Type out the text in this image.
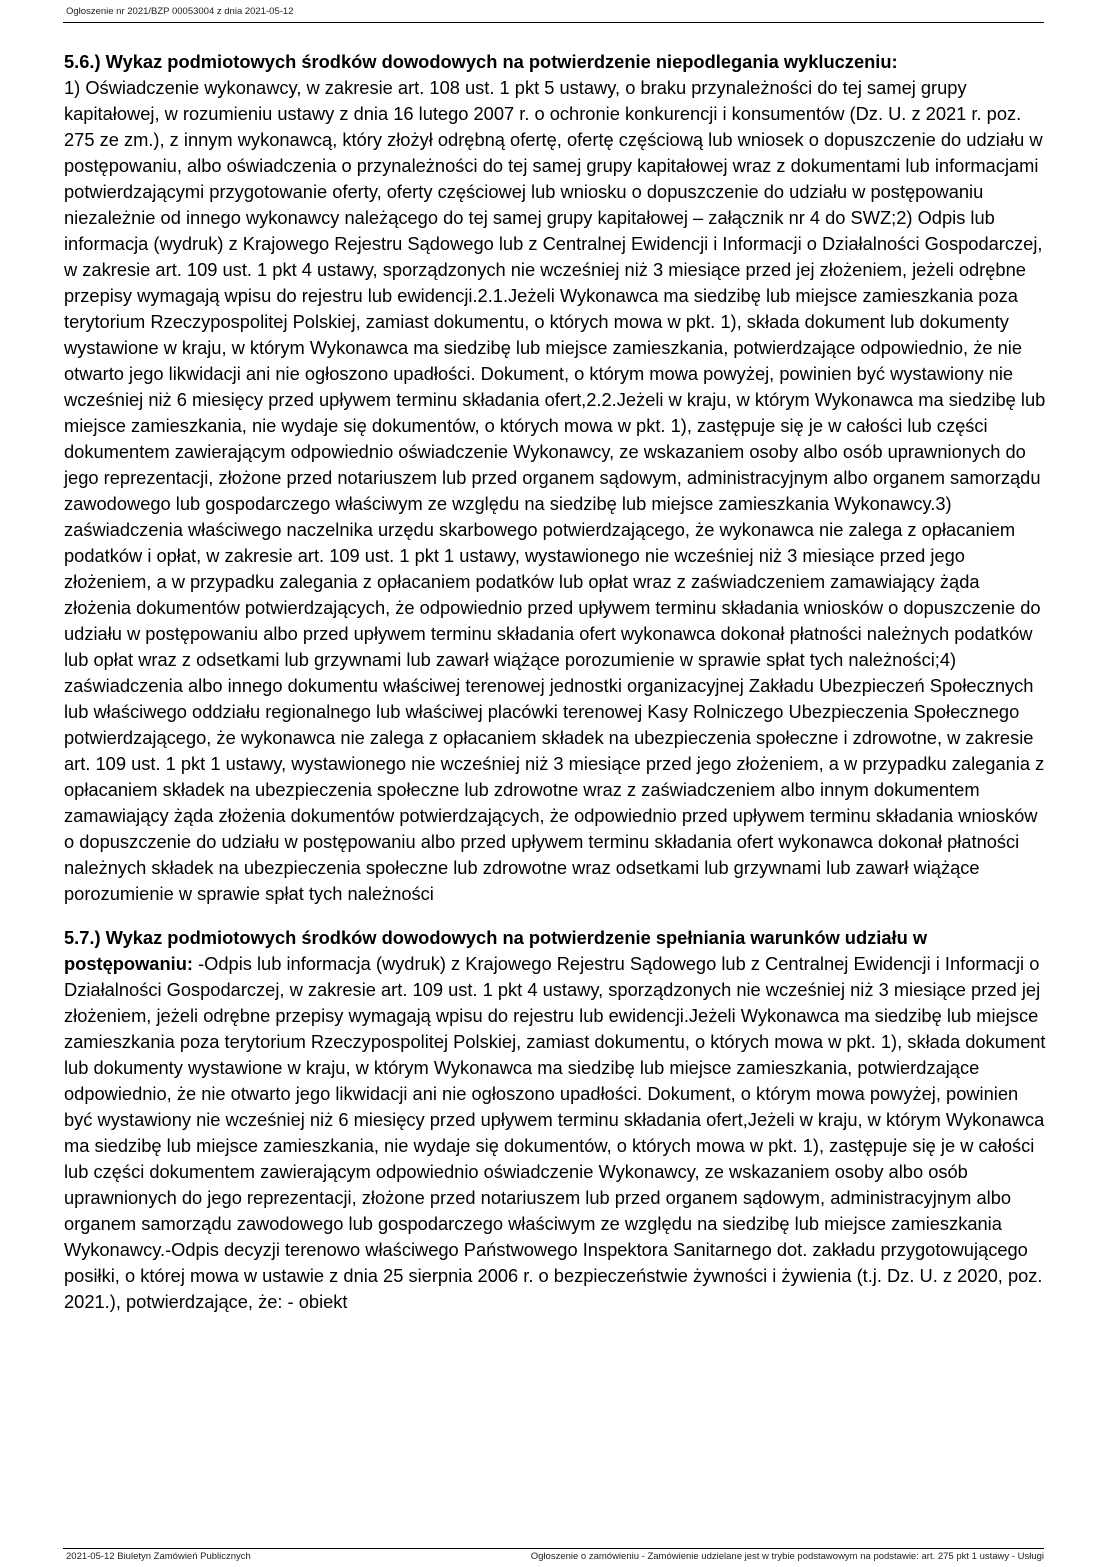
Ogłoszenie nr 2021/BZP 00053004 z dnia 2021-05-12

5.6.) Wykaz podmiotowych środków dowodowych na potwierdzenie niepodlegania wykluczeniu:
1) Oświadczenie wykonawcy, w zakresie art. 108 ust. 1 pkt 5 ustawy, o braku przynależności do tej samej grupy kapitałowej, w rozumieniu ustawy z dnia 16 lutego 2007 r. o ochronie konkurencji i konsumentów (Dz. U. z 2021 r. poz. 275 ze zm.), z innym wykonawcą, który złożył odrębną ofertę, ofertę częściową lub wniosek o dopuszczenie do udziału w postępowaniu, albo oświadczenia o przynależności do tej samej grupy kapitałowej wraz z dokumentami lub informacjami potwierdzającymi przygotowanie oferty, oferty częściowej lub wniosku o dopuszczenie do udziału w postępowaniu niezależnie od innego wykonawcy należącego do tej samej grupy kapitałowej – załącznik nr 4 do SWZ;2) Odpis lub informacja (wydruk) z Krajowego Rejestru Sądowego lub z Centralnej Ewidencji i Informacji o Działalności Gospodarczej, w zakresie art. 109 ust. 1 pkt 4 ustawy, sporządzonych nie wcześniej niż 3 miesiące przed jej złożeniem, jeżeli odrębne przepisy wymagają wpisu do rejestru lub ewidencji.2.1.Jeżeli Wykonawca ma siedzibę lub miejsce zamieszkania poza terytorium Rzeczypospolitej Polskiej, zamiast dokumentu, o których mowa w pkt. 1), składa dokument lub dokumenty wystawione w kraju, w którym Wykonawca ma siedzibę lub miejsce zamieszkania, potwierdzające odpowiednio, że nie otwarto jego likwidacji ani nie ogłoszono upadłości. Dokument, o którym mowa powyżej, powinien być wystawiony nie wcześniej niż 6 miesięcy przed upływem terminu składania ofert,2.2.Jeżeli w kraju, w którym Wykonawca ma siedzibę lub miejsce zamieszkania, nie wydaje się dokumentów, o których mowa w pkt. 1), zastępuje się je w całości lub części dokumentem zawierającym odpowiednio oświadczenie Wykonawcy, ze wskazaniem osoby albo osób uprawnionych do jego reprezentacji, złożone przed notariuszem lub przed organem sądowym, administracyjnym albo organem samorządu zawodowego lub gospodarczego właściwym ze względu na siedzibę lub miejsce zamieszkania Wykonawcy.3) zaświadczenia właściwego naczelnika urzędu skarbowego potwierdzającego, że wykonawca nie zalega z opłacaniem podatków i opłat, w zakresie art. 109 ust. 1 pkt 1 ustawy, wystawionego nie wcześniej niż 3 miesiące przed jego złożeniem, a w przypadku zalegania z opłacaniem podatków lub opłat wraz z zaświadczeniem zamawiający żąda złożenia dokumentów potwierdzających, że odpowiednio przed upływem terminu składania wniosków o dopuszczenie do udziału w postępowaniu albo przed upływem terminu składania ofert wykonawca dokonał płatności należnych podatków lub opłat wraz z odsetkami lub grzywnami lub zawarł wiążące porozumienie w sprawie spłat tych należności;4) zaświadczenia albo innego dokumentu właściwej terenowej jednostki organizacyjnej Zakładu Ubezpieczeń Społecznych lub właściwego oddziału regionalnego lub właściwej placówki terenowej Kasy Rolniczego Ubezpieczenia Społecznego potwierdzającego, że wykonawca nie zalega z opłacaniem składek na ubezpieczenia społeczne i zdrowotne, w zakresie art. 109 ust. 1 pkt 1 ustawy, wystawionego nie wcześniej niż 3 miesiące przed jego złożeniem, a w przypadku zalegania z opłacaniem składek na ubezpieczenia społeczne lub zdrowotne wraz z zaświadczeniem albo innym dokumentem zamawiający żąda złożenia dokumentów potwierdzających, że odpowiednio przed upływem terminu składania wniosków o dopuszczenie do udziału w postępowaniu albo przed upływem terminu składania ofert wykonawca dokonał płatności należnych składek na ubezpieczenia społeczne lub zdrowotne wraz odsetkami lub grzywnami lub zawarł wiążące porozumienie w sprawie spłat tych należności

5.7.) Wykaz podmiotowych środków dowodowych na potwierdzenie spełniania warunków udziału w postępowaniu: -Odpis lub informacja (wydruk) z Krajowego Rejestru Sądowego lub z Centralnej Ewidencji i Informacji o Działalności Gospodarczej, w zakresie art. 109 ust. 1 pkt 4 ustawy, sporządzonych nie wcześniej niż 3 miesiące przed jej złożeniem, jeżeli odrębne przepisy wymagają wpisu do rejestru lub ewidencji.Jeżeli Wykonawca ma siedzibę lub miejsce zamieszkania poza terytorium Rzeczypospolitej Polskiej, zamiast dokumentu, o których mowa w pkt. 1), składa dokument lub dokumenty wystawione w kraju, w którym Wykonawca ma siedzibę lub miejsce zamieszkania, potwierdzające odpowiednio, że nie otwarto jego likwidacji ani nie ogłoszono upadłości. Dokument, o którym mowa powyżej, powinien być wystawiony nie wcześniej niż 6 miesięcy przed upływem terminu składania ofert,Jeżeli w kraju, w którym Wykonawca ma siedzibę lub miejsce zamieszkania, nie wydaje się dokumentów, o których mowa w pkt. 1), zastępuje się je w całości lub części dokumentem zawierającym odpowiednio oświadczenie Wykonawcy, ze wskazaniem osoby albo osób uprawnionych do jego reprezentacji, złożone przed notariuszem lub przed organem sądowym, administracyjnym albo organem samorządu zawodowego lub gospodarczego właściwym ze względu na siedzibę lub miejsce zamieszkania Wykonawcy.-Odpis decyzji terenowo właściwego Państwowego Inspektora Sanitarnego dot. zakładu przygotowującego posiłki, o której mowa w ustawie z dnia 25 sierpnia 2006 r. o bezpieczeństwie żywności i żywienia (t.j. Dz. U. z 2020, poz. 2021.), potwierdzające, że: - obiekt

2021-05-12 Biuletyn Zamówień Publicznych	Ogłoszenie o zamówieniu - Zamówienie udzielane jest w trybie podstawowym na podstawie: art. 275 pkt 1 ustawy - Usługi
